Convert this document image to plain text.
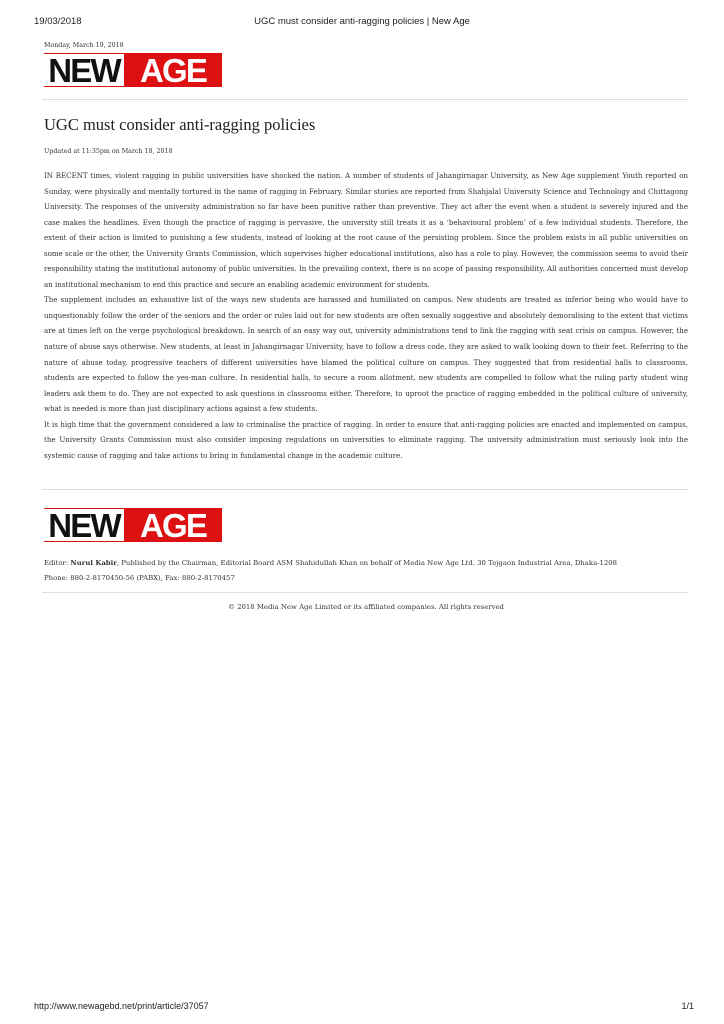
19/03/2018	UGC must consider anti-ragging policies | New Age
Monday, March 19, 2018
NEW AGE
UGC must consider anti-ragging policies
Updated at 11:35pm on March 18, 2018

IN RECENT times, violent ragging in public universities have shocked the nation. A number of students of Jahangirnagar University, as New Age supplement Youth reported on Sunday, were physically and mentally tortured in the name of ragging in February. Similar stories are reported from Shahjalal University Science and Technology and Chittagong University. The responses of the university administration so far have been punitive rather than preventive. They act after the event when a student is severely injured and the case makes the headlines. Even though the practice of ragging is pervasive, the university still treats it as a ‘behavioural problem’ of a few individual students. Therefore, the extent of their action is limited to punishing a few students, instead of looking at the root cause of the persisting problem. Since the problem exists in all public universities on some scale or the other, the University Grants Commission, which supervises higher educational institutions, also has a role to play. However, the commission seems to avoid their responsibility stating the institutional autonomy of public universities. In the prevailing context, there is no scope of passing responsibility. All authorities concerned must develop an institutional mechanism to end this practice and secure an enabling academic environment for students.

The supplement includes an exhaustive list of the ways new students are harassed and humiliated on campus. New students are treated as inferior being who would have to unquestionably follow the order of the seniors and the order or rules laid out for new students are often sexually suggestive and absolutely demoralising to the extent that victims are at times left on the verge psychological breakdown. In search of an easy way out, university administrations tend to link the ragging with seat crisis on campus. However, the nature of abuse says otherwise. New students, at least in Jahangirnagar University, have to follow a dress code, they are asked to walk looking down to their feet. Referring to the nature of abuse today, progressive teachers of different universities have blamed the political culture on campus. They suggested that from residential halls to classrooms, students are expected to follow the yes-man culture. In residential halls, to secure a room allotment, new students are compelled to follow what the ruling party student wing leaders ask them to do. They are not expected to ask questions in classrooms either. Therefore, to uproot the practice of ragging embedded in the political culture of university, what is needed is more than just disciplinary actions against a few students.

It is high time that the government considered a law to criminalise the practice of ragging. In order to ensure that anti-ragging policies are enacted and implemented on campus, the University Grants Commission must also consider imposing regulations on universities to eliminate ragging. The university administration must seriously look into the systemic cause of ragging and take actions to bring in fundamental change in the academic culture.

NEW AGE
Editor: Nurul Kabir, Published by the Chairman, Editorial Board ASM Shahidullah Khan on behalf of Media New Age Ltd. 30 Tejgaon Industrial Area, Dhaka-1208
Phone: 880-2-8170450-56 (PABX), Fax: 880-2-8170457
© 2018 Media New Age Limited or its affiliated companies. All rights reserved
http://www.newagebd.net/print/article/37057	1/1
